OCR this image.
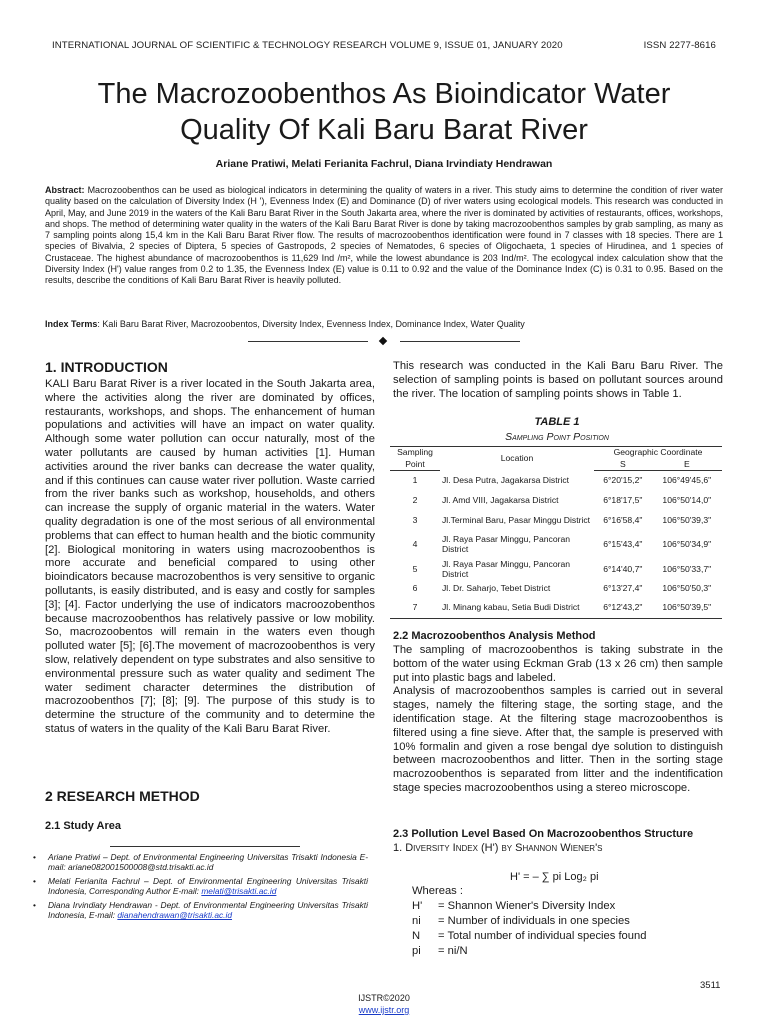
INTERNATIONAL JOURNAL OF SCIENTIFIC & TECHNOLOGY RESEARCH VOLUME 9, ISSUE 01, JANUARY 2020	ISSN 2277-8616
The Macrozoobenthos As Bioindicator Water
Quality Of Kali Baru Barat River
Ariane Pratiwi, Melati Ferianita Fachrul, Diana Irvindiaty Hendrawan

Abstract: Macrozoobenthos can be used as biological indicators in determining the quality of waters in a river. This study aims to determine the condition of river water quality based on the calculation of Diversity Index (H '), Evenness Index (E) and Dominance (D) of river waters using ecological models. This research was conducted in April, May, and June 2019 in the waters of the Kali Baru Barat River in the South Jakarta area, where the river is dominated by activities of restaurants, offices, workshops, and shops. The method of determining water quality in the waters of the Kali Baru Barat River is done by taking macrozoobenthos samples by grab sampling, as many as 7 sampling points along 15,4 km in the Kali Baru Barat River flow. The results of macrozoobenthos identification were found in 7 classes with 18 species. There are 1 species of Bivalvia, 2 species of Diptera, 5 species of Gastropods, 2 species of Nematodes, 6 species of Oligochaeta, 1 species of Hirudinea, and 1 species of Crustaceae. The highest abundance of macrozoobenthos is 11,629 Ind /m², while the lowest abundance is 203 Ind/m². The ecologycal index calculation show that the Diversity Index (H') value ranges from 0.2 to 1.35, the Evenness Index (E) value is 0.11 to 0.92 and the value of the Dominance Index (C) is 0.31 to 0.95. Based on the results, describe the conditions of Kali Baru Barat River is heavily polluted.

Index Terms: Kali Baru Barat River, Macrozoobentos, Diversity Index, Evenness Index, Dominance Index, Water Quality

1. INTRODUCTION

KALI Baru Barat River is a river located in the South Jakarta area, where the activities along the river are dominated by offices, restaurants, workshops, and shops. The enhancement of human populations and activities will have an impact on water quality. Although some water pollution can occur naturally, most of the water pollutants are caused by human activities [1]. Human activities around the river banks can decrease the water quality, and if this continues can cause water river pollution. Waste carried from the river banks such as workshop, households, and others can increase the supply of organic material in the waters. Water quality degradation is one of the most serious of all environmental problems that can effect to human health and the biotic community [2]. Biological monitoring in waters using macrozoobenthos is more accurate and beneficial compared to using other bioindicators because macrozobenthos is very sensitive to organic pollutants, is easily distributed, and is easy and costly for samples [3]; [4]. Factor underlying the use of indicators macroozobenthos because macrozoobenthos has relatively passive or low mobility. So, macrozoobentos will remain in the waters even though polluted water [5]; [6].The movement of macrozoobenthos is very slow, relatively dependent on type substrates and also sensitive to environmental pressure such as water quality and sediment The water sediment character determines the distribution of macrozoobenthos [7]; [8]; [9]. The purpose of this study is to determine the structure of the community and to determine the status of waters in the quality of the Kali Baru Barat River.

2 RESEARCH METHOD
2.1 Study Area
• Ariane Pratiwi – Dept. of Environmental Engineering Universitas Trisakti Indonesia E-mail: ariane082001500008@std.trisakti.ac.id
• Melati Ferianita Fachrul – Dept. of Environmental Engineering Universitas Trisakti Indonesia, Corresponding Author E-mail: melati@trisakti.ac.id
• Diana Irvindiaty Hendrawan - Dept. of Environmental Engineering Universitas Trisakti Indonesia, E-mail: dianahendrawan@trisakti.ac.id

This research was conducted in the Kali Baru Baru River. The selection of sampling points is based on pollutant sources around the river. The location of sampling points shows in Table 1.

TABLE 1
Sampling Point Position
Sampling	Location	Geographic Coordinate	
Point		S	E
1	Jl. Desa Putra, Jagakarsa District	6°20'15,2"	106°49'45,6"
2	Jl. Amd VIII, Jagakarsa District	6°18'17,5"	106°50'14,0"
3	Jl.Terminal Baru, Pasar Minggu District	6°16'58,4"	106°50'39,3"
4	Jl. Raya Pasar Minggu, Pancoran District	6°15'43,4"	106°50'34,9"
5	Jl. Raya Pasar Minggu, Pancoran District	6°14'40,7"	106°50'33,7"
6	Jl. Dr. Saharjo, Tebet District	6°13'27,4"	106°50'50,3"
7	Jl. Minang kabau, Setia Budi District	6°12'43,2"	106°50'39,5"
2.2 Macrozoobenthos Analysis Method

The sampling of macrozoobenthos is taking substrate in the bottom of the water using Eckman Grab (13 x 26 cm) then sample put into plastic bags and labeled.

Analysis of macrozoobenthos samples is carried out in several stages, namely the filtering stage, the sorting stage, and the identification stage. At the filtering stage macrozoobenthos is filtered using a fine sieve. After that, the sample is preserved with 10% formalin and given a rose bengal dye solution to distinguish between macrozoobenthos and litter. Then in the sorting stage macrozoobenthos is separated from litter and the indentification stage species macrozoobenthos using a stereo microscope.

2.3 Pollution Level Based On Macrozoobenthos Structure
1. Diversity Index (H') by Shannon Wiener's
H' = – ∑ pi Log₂ pi
Whereas :
H'	= Shannon Wiener's Diversity Index
ni	= Number of individuals in one species
N	= Total number of individual species found
pi	= ni/N
3511
IJSTR©2020
www.ijstr.org
